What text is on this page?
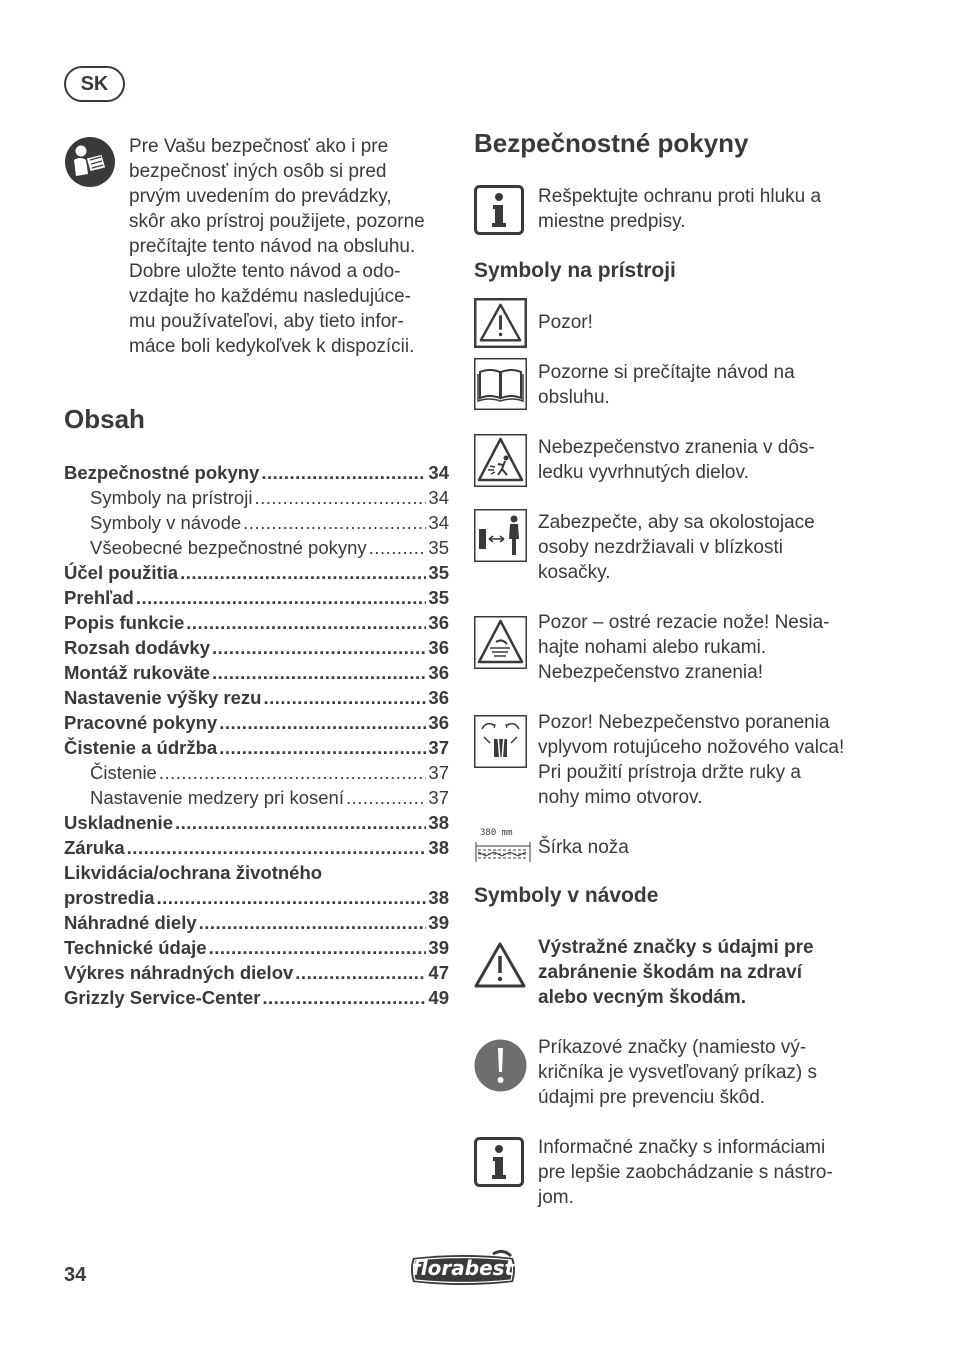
SK
Pre Vašu bezpečnosť ako i pre
bezpečnosť iných osôb si pred
prvým uvedením do prevádzky,
skôr ako prístroj použijete, pozorne
prečítajte tento návod na obsluhu.
Dobre uložte tento návod a odo-
vzdajte ho každému nasledujúce-
mu používateľovi, aby tieto infor-
máce boli kedykoľvek k dispozícii.
Obsah
Bezpečnostné pokyny .....	34
Symboly na prístroji .....	34
Symboly v návode .....	34
Všeobecné bezpečnostné pokyny .....	35
Účel použitia .....	35
Prehľad .....	35
Popis funkcie .....	36
Rozsah dodávky .....	36
Montáž rukoväte .....	36
Nastavenie výšky rezu .....	36
Pracovné pokyny .....	36
Čistenie a údržba .....	37
Čistenie .....	37
Nastavenie medzery pri kosení .....	37
Uskladnenie .....	38
Záruka .....	38
Likvidácia/ochrana životného
prostredia .....	38
Náhradné diely .....	39
Technické údaje .....	39
Výkres náhradných dielov .....	47
Grizzly Service-Center .....	49
Bezpečnostné pokyny
Rešpektujte ochranu proti hluku a
miestne predpisy.
Symboly na prístroji
Pozor!
Pozorne si prečítajte návod na
obsluhu.
Nebezpečenstvo zranenia v dôs-
ledku vyvrhnutých dielov.
Zabezpečte, aby sa okolostojace
osoby nezdržiavali v blízkosti
kosačky.
Pozor – ostré rezacie nože! Nesia-
hajte nohami alebo rukami.
Nebezpečenstvo zranenia!
Pozor! Nebezpečenstvo poranenia
vplyvom rotujúceho nožového valca!
Pri použití prístroja držte ruky a
nohy mimo otvorov.
380 mm
Šírka noža
Symboly v návode
Výstražné značky s údajmi pre
zabránenie škodám na zdraví
alebo vecným škodám.
Príkazové značky (namiesto vý-
kričníka je vysvetľovaný príkaz) s
údajmi pre prevenciu škôd.
Informačné značky s informáciami
pre lepšie zaobchádzanie s nástro-
jom.
34	florabest
